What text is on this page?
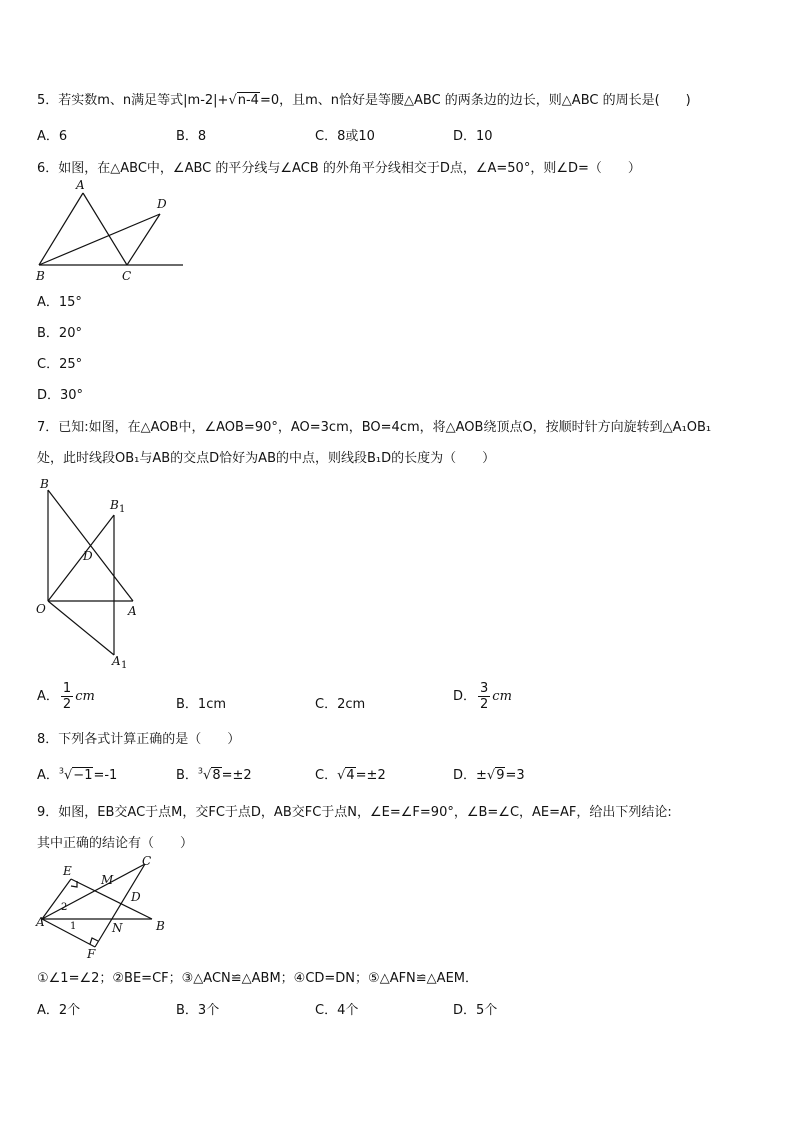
5．若实数m、n满足等式|m-2|+√n-4=0，且m、n恰好是等腰△ABC 的两条边的边长，则△ABC 的周长是(　　)
A．6	B．8	C．8或10	D．10
6．如图，在△ABC中，∠ABC 的平分线与∠ACB 的外角平分线相交于D点，∠A=50°，则∠D=（　　）
A
D
B	C
A．15°
B．20°
C．25°
D．30°
7．已知:如图，在△AOB中，∠AOB=90°，AO=3cm，BO=4cm，将△AOB绕顶点O，按顺时针方向旋转到△A₁OB₁
处，此时线段OB₁与AB的交点D恰好为AB的中点，则线段B₁D的长度为（　　）
B
B 1
D
O	A
A 1
A． $\frac{1}{2}$ cm
B．1cm	C．2cm
D． $\frac{3}{2}$ cm
8．下列各式计算正确的是（　　）
A．$^3$√−1=-1	B．$^3$√8=±2	C．√4=±2	D．±√9=3
9．如图，EB交AC于点M，交FC于点D，AB交FC于点N，∠E=∠F=90°，∠B=∠C，AE=AF，给出下列结论:
其中正确的结论有（　　）
E
M
C
D
2
A	1	N	B
F
①∠1=∠2；②BE=CF；③△ACN≌△ABM；④CD=DN；⑤△AFN≌△AEM．
A．2个	B．3个	C．4个	D．5个
